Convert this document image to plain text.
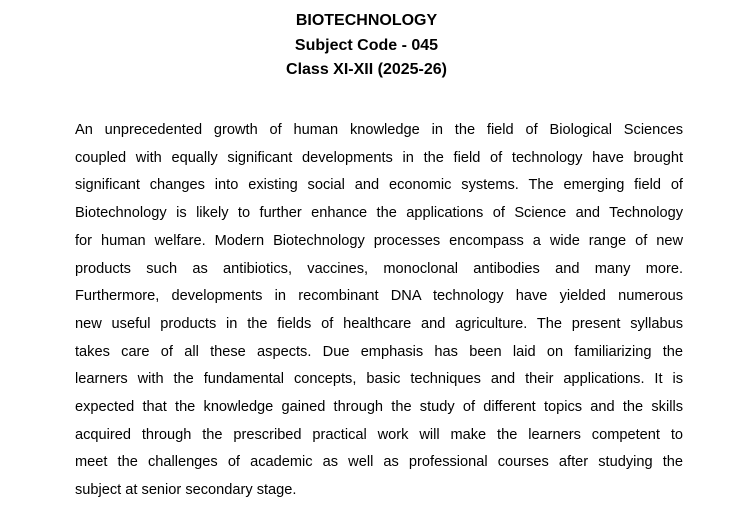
BIOTECHNOLOGY
Subject Code - 045
Class XI-XII (2025-26)
An unprecedented growth of human knowledge in the field of Biological Sciences
coupled with equally significant developments in the field of technology have brought
significant changes into existing social and economic systems. The emerging field of
Biotechnology is likely to further enhance the applications of Science and Technology
for human welfare. Modern Biotechnology processes encompass a wide range of new
products such as antibiotics, vaccines, monoclonal antibodies and many more.
Furthermore, developments in recombinant DNA technology have yielded numerous
new useful products in the fields of healthcare and agriculture. The present syllabus
takes care of all these aspects. Due emphasis has been laid on familiarizing the
learners with the fundamental concepts, basic techniques and their applications. It is
expected that the knowledge gained through the study of different topics and the skills
acquired through the prescribed practical work will make the learners competent to
meet the challenges of academic as well as professional courses after studying the
subject at senior secondary stage.
